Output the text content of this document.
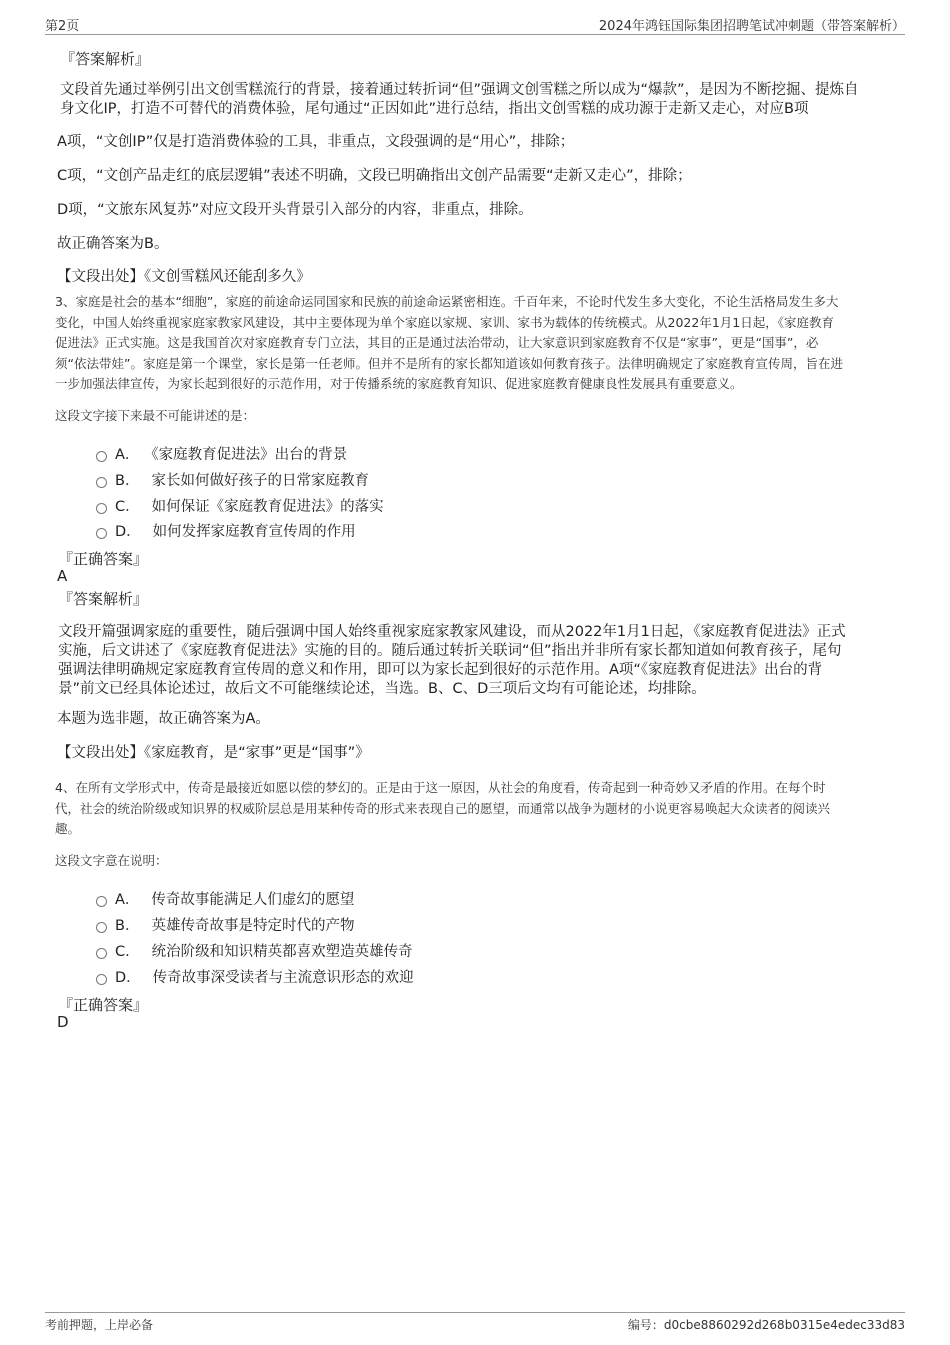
第2页	2024年鸿钰国际集团招聘笔试冲刺题（带答案解析）
『答案解析』
文段首先通过举例引出文创雪糕流行的背景，接着通过转折词“但”强调文创雪糕之所以成为“爆款”，是因为不断挖掘、提炼自
身文化IP，打造不可替代的消费体验，尾句通过“正因如此”进行总结，指出文创雪糕的成功源于走新又走心，对应B项
A项，“文创IP”仅是打造消费体验的工具，非重点，文段强调的是“用心”，排除；
C项，“文创产品走红的底层逻辑”表述不明确，文段已明确指出文创产品需要“走新又走心”，排除；
D项，“文旅东风复苏”对应文段开头背景引入部分的内容，非重点，排除。
故正确答案为B。
【文段出处】《文创雪糕风还能刮多久》
3、家庭是社会的基本“细胞”，家庭的前途命运同国家和民族的前途命运紧密相连。千百年来，不论时代发生多大变化，不论生活格局发生多大
变化，中国人始终重视家庭家教家风建设，其中主要体现为单个家庭以家规、家训、家书为载体的传统模式。从2022年1月1日起，《家庭教育
促进法》正式实施。这是我国首次对家庭教育专门立法，其目的正是通过法治带动，让大家意识到家庭教育不仅是“家事”，更是“国事”，必
须“依法带娃”。家庭是第一个课堂，家长是第一任老师。但并不是所有的家长都知道该如何教育孩子。法律明确规定了家庭教育宣传周，旨在进
一步加强法律宣传，为家长起到很好的示范作用，对于传播系统的家庭教育知识、促进家庭教育健康良性发展具有重要意义。
这段文字接下来最不可能讲述的是：
A． 《家庭教育促进法》出台的背景
B． 家长如何做好孩子的日常家庭教育
C． 如何保证《家庭教育促进法》的落实
D． 如何发挥家庭教育宣传周的作用
『正确答案』
A
『答案解析』
文段开篇强调家庭的重要性，随后强调中国人始终重视家庭家教家风建设，而从2022年1月1日起，《家庭教育促进法》正式
实施，后文讲述了《家庭教育促进法》实施的目的。随后通过转折关联词“但”指出并非所有家长都知道如何教育孩子，尾句
强调法律明确规定家庭教育宣传周的意义和作用，即可以为家长起到很好的示范作用。A项“《家庭教育促进法》出台的背
景”前文已经具体论述过，故后文不可能继续论述，当选。B、C、D三项后文均有可能论述，均排除。
本题为选非题，故正确答案为A。
【文段出处】《家庭教育，是“家事”更是“国事”》
4、在所有文学形式中，传奇是最接近如愿以偿的梦幻的。正是由于这一原因，从社会的角度看，传奇起到一种奇妙又矛盾的作用。在每个时
代，社会的统治阶级或知识界的权威阶层总是用某种传奇的形式来表现自己的愿望，而通常以战争为题材的小说更容易唤起大众读者的阅读兴
趣。
这段文字意在说明：
A． 传奇故事能满足人们虚幻的愿望
B． 英雄传奇故事是特定时代的产物
C． 统治阶级和知识精英都喜欢塑造英雄传奇
D． 传奇故事深受读者与主流意识形态的欢迎
『正确答案』
D
考前押题，上岸必备	编号：d0cbe8860292d268b0315e4edec33d83
